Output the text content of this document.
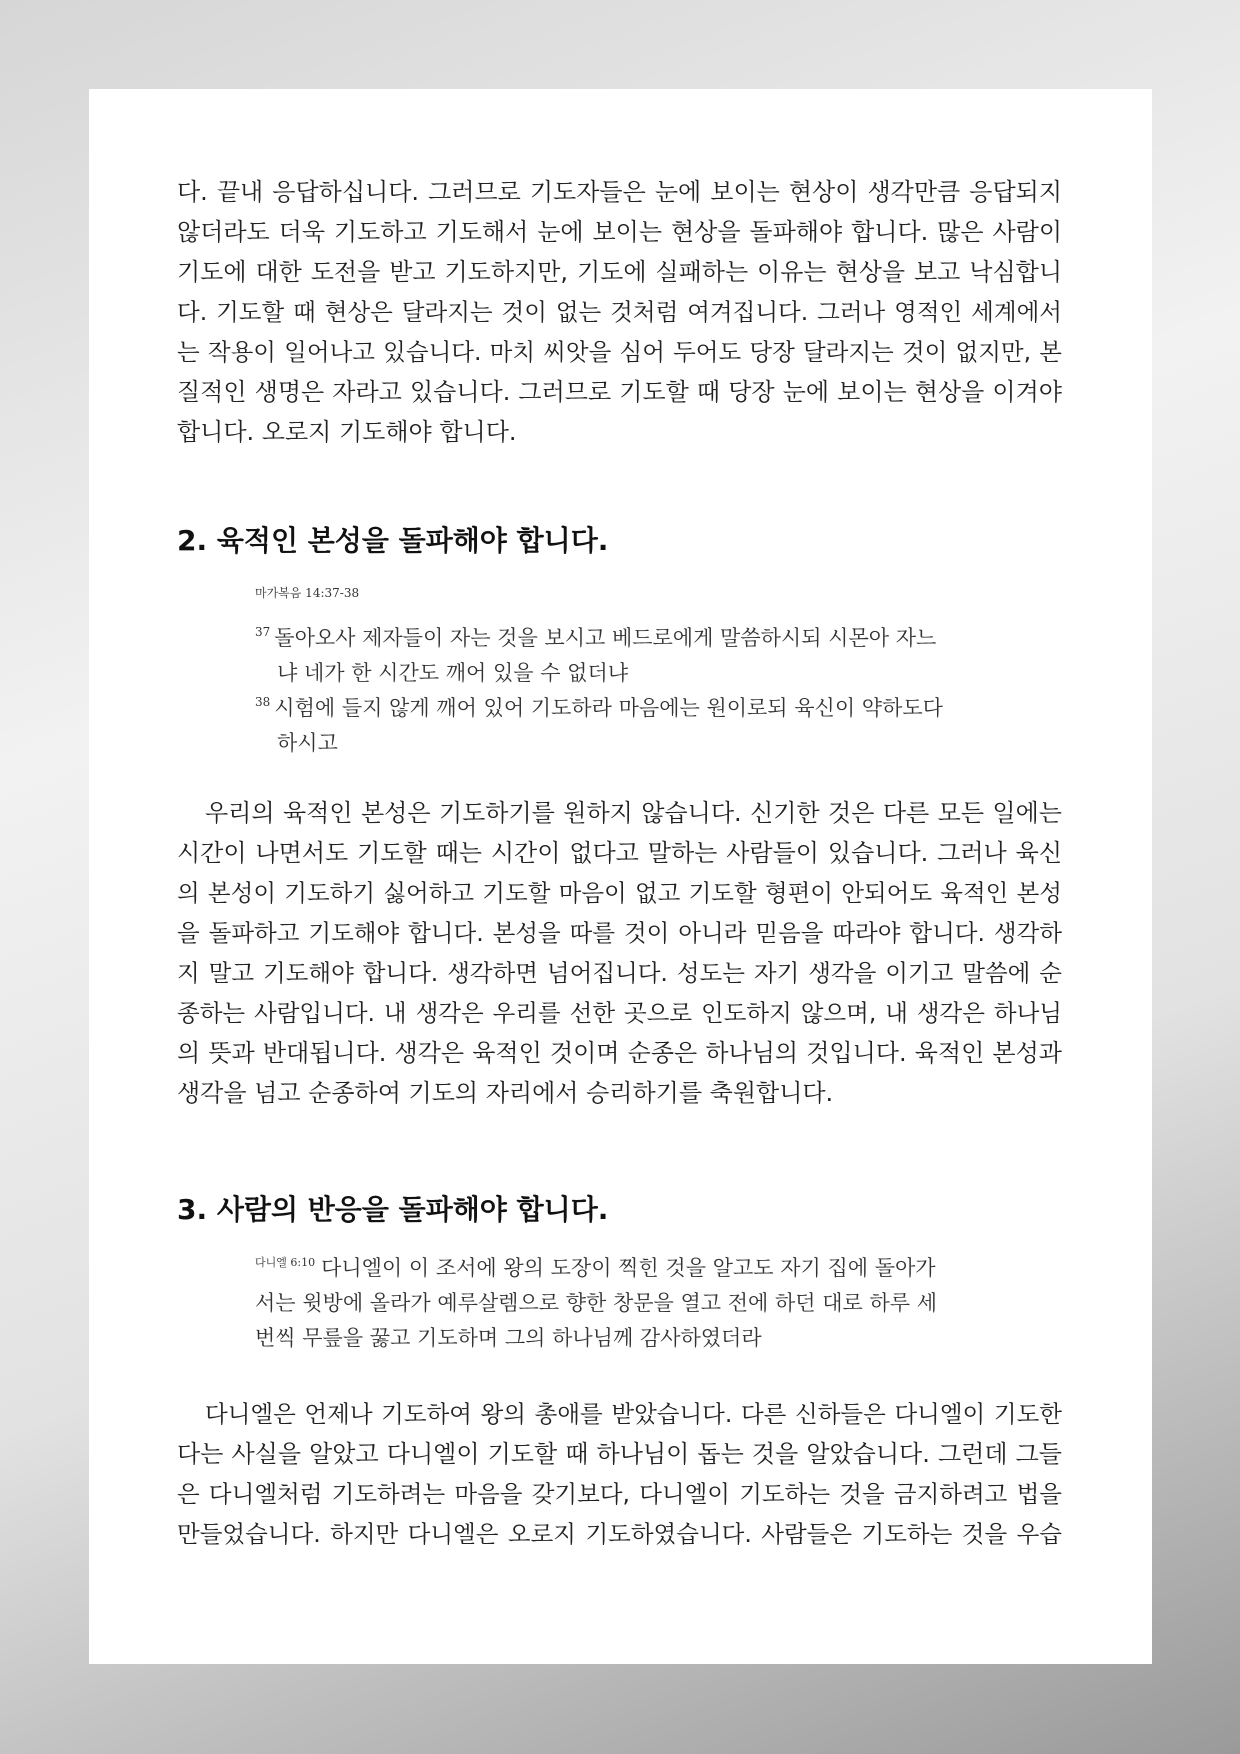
다. 끝내 응답하십니다. 그러므로 기도자들은 눈에 보이는 현상이 생각만큼 응답되지
않더라도 더욱 기도하고 기도해서 눈에 보이는 현상을 돌파해야 합니다. 많은 사람이
기도에 대한 도전을 받고 기도하지만, 기도에 실패하는 이유는 현상을 보고 낙심합니
다. 기도할 때 현상은 달라지는 것이 없는 것처럼 여겨집니다. 그러나 영적인 세계에서
는 작용이 일어나고 있습니다. 마치 씨앗을 심어 두어도 당장 달라지는 것이 없지만, 본
질적인 생명은 자라고 있습니다. 그러므로 기도할 때 당장 눈에 보이는 현상을 이겨야
합니다. 오로지 기도해야 합니다.
2. 육적인 본성을 돌파해야 합니다.
마가복음 14:37-38
$^{37}$ 돌아오사 제자들이 자는 것을 보시고 베드로에게 말씀하시되 시몬아 자느
냐 네가 한 시간도 깨어 있을 수 없더냐
$^{38}$ 시험에 들지 않게 깨어 있어 기도하라 마음에는 원이로되 육신이 약하도다
하시고
우리의 육적인 본성은 기도하기를 원하지 않습니다. 신기한 것은 다른 모든 일에는
시간이 나면서도 기도할 때는 시간이 없다고 말하는 사람들이 있습니다. 그러나 육신
의 본성이 기도하기 싫어하고 기도할 마음이 없고 기도할 형편이 안되어도 육적인 본성
을 돌파하고 기도해야 합니다. 본성을 따를 것이 아니라 믿음을 따라야 합니다. 생각하
지 말고 기도해야 합니다. 생각하면 넘어집니다. 성도는 자기 생각을 이기고 말씀에 순
종하는 사람입니다. 내 생각은 우리를 선한 곳으로 인도하지 않으며, 내 생각은 하나님
의 뜻과 반대됩니다. 생각은 육적인 것이며 순종은 하나님의 것입니다. 육적인 본성과
생각을 넘고 순종하여 기도의 자리에서 승리하기를 축원합니다.
3. 사람의 반응을 돌파해야 합니다.
$^{다니엘 6:10}$ 다니엘이 이 조서에 왕의 도장이 찍힌 것을 알고도 자기 집에 돌아가
서는 윗방에 올라가 예루살렘으로 향한 창문을 열고 전에 하던 대로 하루 세
번씩 무릎을 꿇고 기도하며 그의 하나님께 감사하였더라
다니엘은 언제나 기도하여 왕의 총애를 받았습니다. 다른 신하들은 다니엘이 기도한
다는 사실을 알았고 다니엘이 기도할 때 하나님이 돕는 것을 알았습니다. 그런데 그들
은 다니엘처럼 기도하려는 마음을 갖기보다, 다니엘이 기도하는 것을 금지하려고 법을
만들었습니다. 하지만 다니엘은 오로지 기도하였습니다. 사람들은 기도하는 것을 우습
